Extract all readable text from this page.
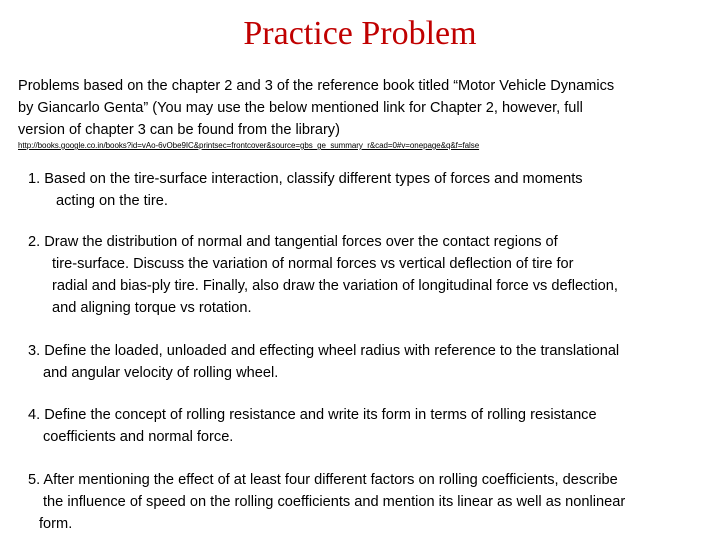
Practice Problem
Problems based on the chapter 2 and 3 of the reference book titled “Motor Vehicle Dynamics
by Giancarlo Genta” (You may use the below mentioned link for Chapter 2, however, full
version of chapter 3 can be found from the library)
http://books.google.co.in/books?id=vAo-6vObe9IC&printsec=frontcover&source=gbs_ge_summary_r&cad=0#v=onepage&q&f=false
1. Based on the tire-surface interaction, classify different types of forces and moments
acting on the tire.
2. Draw the distribution of normal and tangential forces over the contact regions of
tire-surface. Discuss the variation of normal forces vs vertical deflection of tire for
radial and bias-ply tire. Finally, also draw the variation of longitudinal force vs deflection,
and aligning torque vs rotation.
3. Define the loaded, unloaded and effecting wheel radius with reference to the translational
and angular velocity of rolling wheel.
4. Define the concept of rolling resistance and write its form in terms of rolling resistance
coefficients and normal force.
5. After mentioning the effect of at least four different factors on rolling coefficients, describe
the influence of speed on the rolling coefficients and mention its linear as well as nonlinear
form.
